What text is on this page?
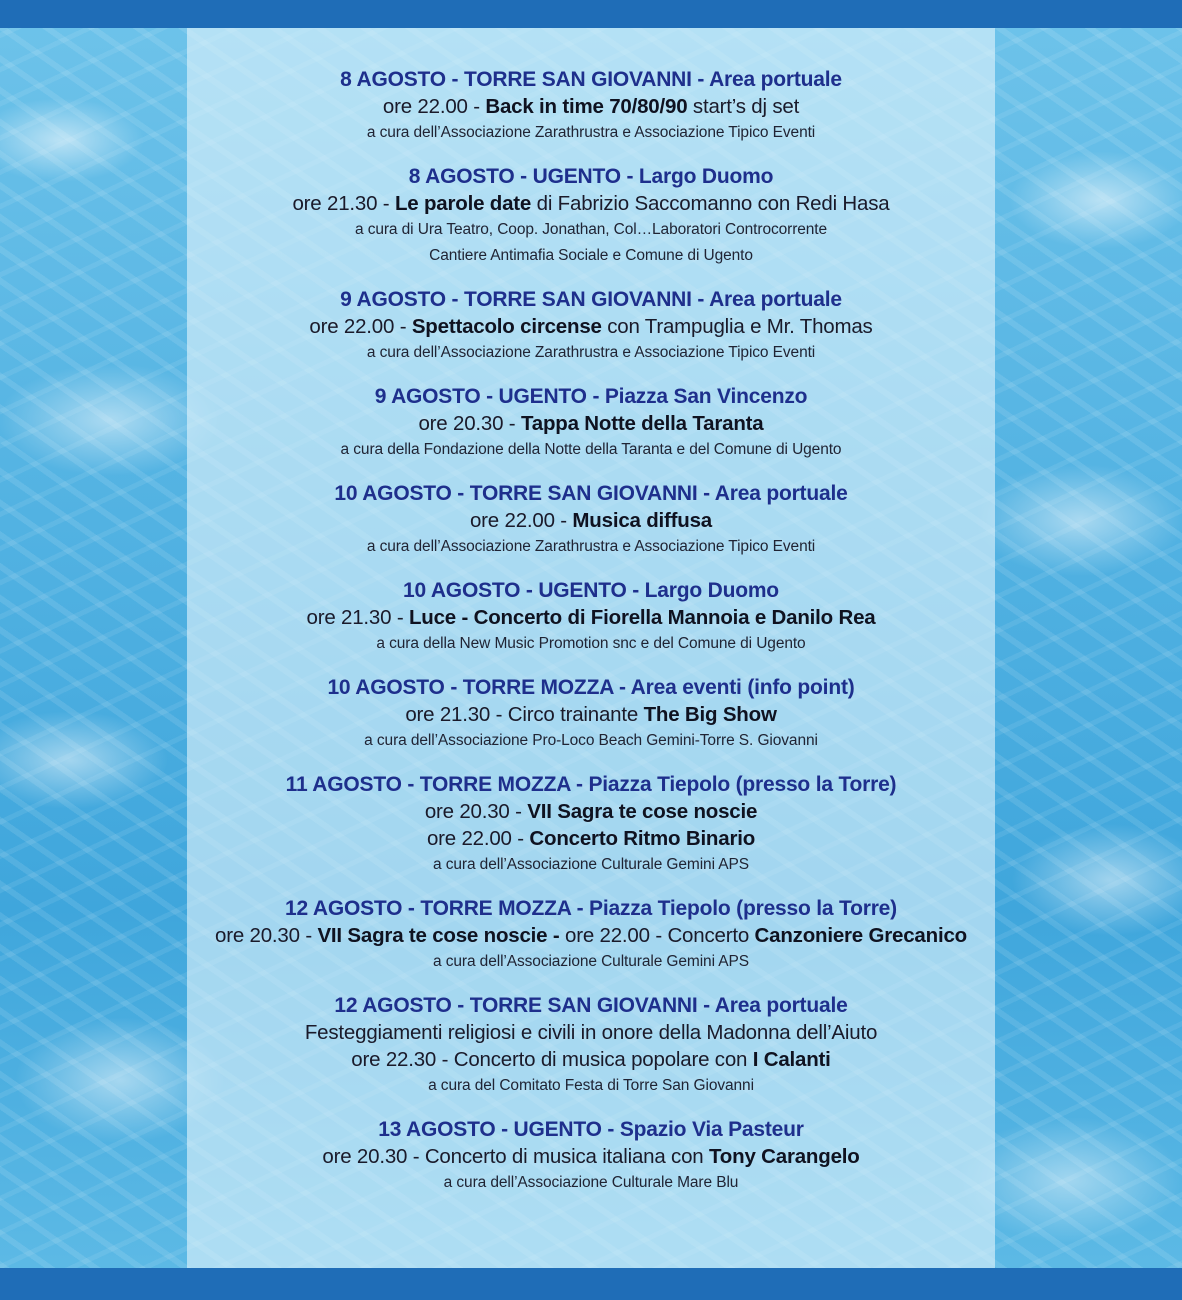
8 AGOSTO - TORRE SAN GIOVANNI - Area portuale
ore 22.00 - Back in time 70/80/90 start’s dj set
a cura dell’Associazione Zarathrustra e Associazione Tipico Eventi
8 AGOSTO - UGENTO - Largo Duomo
ore 21.30 - Le parole date di Fabrizio Saccomanno con Redi Hasa
a cura di Ura Teatro, Coop. Jonathan, Col…Laboratori Controcorrente
Cantiere Antimafia Sociale e Comune di Ugento
9 AGOSTO - TORRE SAN GIOVANNI - Area portuale
ore 22.00 - Spettacolo circense con Trampuglia e Mr. Thomas
a cura dell’Associazione Zarathrustra e Associazione Tipico Eventi
9 AGOSTO - UGENTO - Piazza San Vincenzo
ore 20.30 - Tappa Notte della Taranta
a cura della Fondazione della Notte della Taranta e del Comune di Ugento
10 AGOSTO - TORRE SAN GIOVANNI - Area portuale
ore 22.00 - Musica diffusa
a cura dell’Associazione Zarathrustra e Associazione Tipico Eventi
10 AGOSTO - UGENTO - Largo Duomo
ore 21.30 - Luce - Concerto di Fiorella Mannoia e Danilo Rea
a cura della New Music Promotion snc e del Comune di Ugento
10 AGOSTO - TORRE MOZZA - Area eventi (info point)
ore 21.30 - Circo trainante The Big Show
a cura dell’Associazione Pro-Loco Beach Gemini-Torre S. Giovanni
11 AGOSTO - TORRE MOZZA - Piazza Tiepolo (presso la Torre)
ore 20.30 - VII Sagra te cose noscie
ore 22.00 - Concerto Ritmo Binario
a cura dell’Associazione Culturale Gemini APS
12 AGOSTO - TORRE MOZZA - Piazza Tiepolo (presso la Torre)
ore 20.30 - VII Sagra te cose noscie - ore 22.00 - Concerto Canzoniere Grecanico
a cura dell’Associazione Culturale Gemini APS
12 AGOSTO - TORRE SAN GIOVANNI - Area portuale
Festeggiamenti religiosi e civili in onore della Madonna dell’Aiuto
ore 22.30 - Concerto di musica popolare con I Calanti
a cura del Comitato Festa di Torre San Giovanni
13 AGOSTO - UGENTO - Spazio Via Pasteur
ore 20.30 - Concerto di musica italiana con Tony Carangelo
a cura dell’Associazione Culturale Mare Blu
